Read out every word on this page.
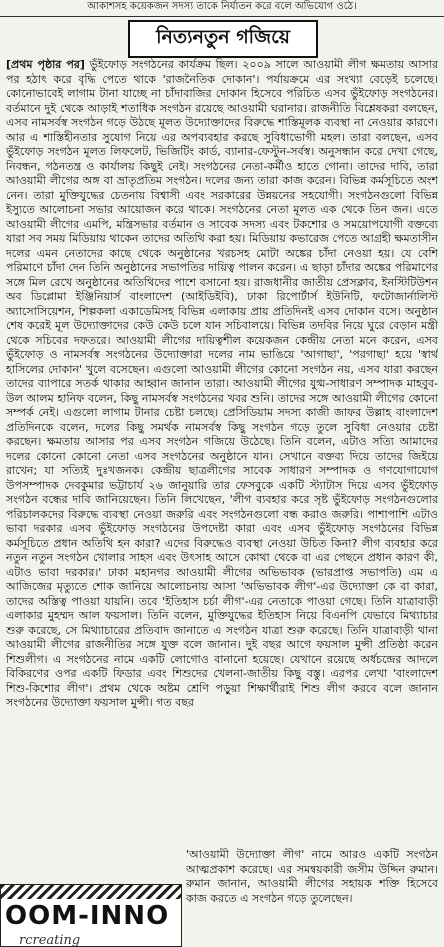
আকাশসহ কয়েকজন সদস্য তাকে নির্যাতন করে বলে অভিযোগ ওঠে।
নিত্যনতুন গজিয়ে

[প্রথম পৃষ্ঠার পর] ভুঁইফোড় সংগঠনের কার্যক্রম ছিল। ২০০৯ সালে আওয়ামী লীগ ক্ষমতায় আসার পর হঠাৎ করে বৃদ্ধি পেতে থাকে 'রাজনৈতিক দোকান'। পর্যায়ক্রমে এর সংখ্যা বেড়েই চলেছে। কোনোভাবেই লাগাম টানা যাচ্ছে না চাঁদাবাজির দোকান হিসেবে পরিচিত এসব ভুঁইফোড় সংগঠনের। বর্তমানে দুই থেকে আড়াই শতাধিক সংগঠন রয়েছে আওয়ামী ঘরানার। রাজনীতি বিশ্লেষকরা বলছেন, এসব নামসর্বস্ব সংগঠন গড়ে উঠছে মূলত উদ্যোক্তাদের বিরুদ্ধে শাস্তিমূলক ব্যবস্থা না নেওয়ার কারণে। আর এ শাস্তিহীনতার সুযোগ নিয়ে এর অপব্যবহার করছে সুবিধাভোগী মহল। তারা বলছেন, এসব ভুঁইফোড় সংগঠন মূলত লিফলেট, ভিজিটিং কার্ড, ব্যানার-ফেস্টুন-সর্বস্ব। অনুসন্ধান করে দেখা গেছে, নিবন্ধন, গঠনতন্ত্র ও কার্যালয় কিছুই নেই। সংগঠনের নেতা-কর্মীও হাতে গোনা। তাদের দাবি, তারা আওয়ামী লীগের অঙ্গ বা ভ্রাতৃপ্রতিম সংগঠন। দলের জন্য তারা কাজ করেন। বিভিন্ন কর্মসূচিতে অংশ নেন। তারা মুক্তিযুদ্ধের চেতনায় বিশ্বাসী এবং সরকারের উন্নয়নের সহযোগী। সংগঠনগুলো বিভিন্ন ইস্যুতে আলোচনা সভার আয়োজন করে থাকে। সংগঠনের নেতা মূলত এক থেকে তিন জন। এতে আওয়ামী লীগের এমপি, মন্ত্রিসভার বর্তমান ও সাবেক সদস্য এবং টকশোর ও সময়োপযোগী বক্তব্যে যারা সব সময় মিডিয়ায় থাকেন তাদের অতিথি করা হয়। মিডিয়ায় কভারেজ পেতে আগ্রহী ক্ষমতাসীন দলের এমন নেতাদের কাছে থেকে অনুষ্ঠানের খরচসহ মোটা অঙ্কের চাঁদা নেওয়া হয়। যে বেশি পরিমাণে চাঁদা দেন তিনি অনুষ্ঠানের সভাপতির দায়িত্ব পালন করেন। এ ছাড়া চাঁদার অঙ্কের পরিমাণের সঙ্গে মিল রেখে অনুষ্ঠানের অতিথিদের পাশে বসানো হয়। রাজধানীর জাতীয় প্রেসক্লাব, ইনস্টিটিউশন অব ডিপ্লোমা ইঞ্জিনিয়ার্স বাংলাদেশ (আইডিইবি), ঢাকা রিপোর্টার্স ইউনিটি, ফটোজার্নালিস্ট অ্যাসোসিয়েশন, শিল্পকলা একাডেমিসহ বিভিন্ন এলাকায় প্রায় প্রতিদিনই এসব দোকান বসে। অনুষ্ঠান শেষ করেই মূল উদ্যোক্তাদের কেউ কেউ চলে যান সচিবালয়ে। বিভিন্ন তদবির নিয়ে ঘুরে বেড়ান মন্ত্রী থেকে সচিবের দফতরে। আওয়ামী লীগের দায়িত্বশীল কয়েকজন কেন্দ্রীয় নেতা মনে করেন, এসব ভুঁইফোড় ও নামসর্বস্ব সংগঠনের উদ্যোক্তারা দলের নাম ভাঙিয়ে 'আগাছা', 'পরগাছা' হয়ে 'স্বার্থ হাসিলের দোকান' খুলে বসেছেন। এগুলো আওয়ামী লীগের কোনো সংগঠন নয়, এসব যারা করছেন তাদের ব্যাপারে সতর্ক থাকার আহ্বান জানান তারা। আওয়ামী লীগের যুগ্ম-সাধারণ সম্পাদক মাহবুব-উল আলম হানিফ বলেন, কিছু নামসর্বস্ব সংগঠনের খবর শুনি। তাদের সঙ্গে আওয়ামী লীগের কোনো সম্পর্ক নেই। এগুলো লাগাম টানার চেষ্টা চলছে। প্রেসিডিয়াম সদস্য কাজী জাফর উল্লাহ বাংলাদেশ প্রতিদিনকে বলেন, দলের কিছু সমর্থক নামসর্বস্ব কিছু সংগঠন গড়ে তুলে সুবিধা নেওয়ার চেষ্টা করছেন। ক্ষমতায় আসার পর এসব সংগঠন গজিয়ে উঠেছে। তিনি বলেন, এটাও সত্যি আমাদের দলের কোনো কোনো নেতা এসব সংগঠনের অনুষ্ঠানে যান। সেখানে বক্তব্য দিয়ে তাদের জিইয়ে রাখেন; যা সত্যিই দুঃখজনক। কেন্দ্রীয় ছাত্রলীগের সাবেক সাধারণ সম্পাদক ও গণযোগাযোগ উপসম্পাদক দেবকুমার ভট্টাচার্য ২৬ জানুয়ারি তার ফেসবুকে একটি স্ট্যাটাস দিয়ে এসব ভুঁইফোড় সংগঠন বন্ধের দাবি জানিয়েছেন। তিনি লিখেছেন, 'লীগ ব্যবহার করে সৃষ্ট ভুঁইফোড় সংগঠনগুলোর পরিচালকদের বিরুদ্ধে ব্যবস্থা নেওয়া জরুরি এবং সংগঠনগুলো বন্ধ করাও জরুরি। পাশাপাশি এটাও ভাবা দরকার এসব ভুঁইফোড় সংগঠনের উপদেষ্টা কারা এবং এসব ভুঁইফোড় সংগঠনের বিভিন্ন কর্মসূচিতে প্রধান অতিথি হন কারা? এদের বিরুদ্ধেও ব্যবস্থা নেওয়া উচিত কিনা? লীগ ব্যবহার করে নতুন নতুন সংগঠন খোলার সাহস এবং উৎসাহ আসে কোথা থেকে বা এর পেছনে প্রধান কারণ কী, এটাও ভাবা দরকার।' ঢাকা মহানগর আওয়ামী লীগের অভিভাবক (ভারপ্রাপ্ত সভাপতি) এম এ আজিজের মৃত্যুতে শোক জানিয়ে আলোচনায় আসা 'অভিভাবক লীগ'-এর উদ্যোক্তা কে বা কারা, তাদের অস্তিত্ব পাওয়া যায়নি। তবে 'ইতিহাস চর্চা লীগ'-এর নেতাকে পাওয়া গেছে। তিনি যাত্রাবাড়ী এলাকার মুহম্মদ আল ফয়সাল। তিনি বলেন, মুক্তিযুদ্ধের ইতিহাস নিয়ে বিএনপি যেভাবে মিথ্যাচার শুরু করেছে, সে মিথ্যাচারের প্রতিবাদ জানাতে এ সংগঠন যাত্রা শুরু করেছে। তিনি যাত্রাবাড়ী থানা আওয়ামী লীগের রাজনীতির সঙ্গে যুক্ত বলে জানান। দুই বছর আগে ফয়সাল মুন্সী প্রতিষ্ঠা করেন শিশুলীগ। এ সংগঠনের নামে একটি লোগোও বানানো হয়েছে। যেখানে রয়েছে অর্ধচন্দ্রের আদলে বিকিরণের ওপর একটি ফিডার এবং শিশুদের খেলনা-জাতীয় কিছু বস্তু। এরপর লেখা 'বাংলাদেশ শিশু-কিশোর লীগ'। প্রথম থেকে অষ্টম শ্রেণি পড়ুয়া শিক্ষার্থীরাই শিশু লীগ করবে বলে জানান সংগঠনের উদ্যোক্তা ফয়সাল মুন্সী। গত বছর

'আওয়ামী উদ্যোক্তা লীগ' নামে আরও একটি সংগঠন আত্মপ্রকাশ করেছে। এর সমন্বয়কারী জসীম উদ্দিন রুমান। রুমান জানান, আওয়ামী লীগের সহায়ক শক্তি হিসেবে কাজ করতে এ সংগঠন গড়ে তুলেছেন।

OOM-INNO
rcreating
